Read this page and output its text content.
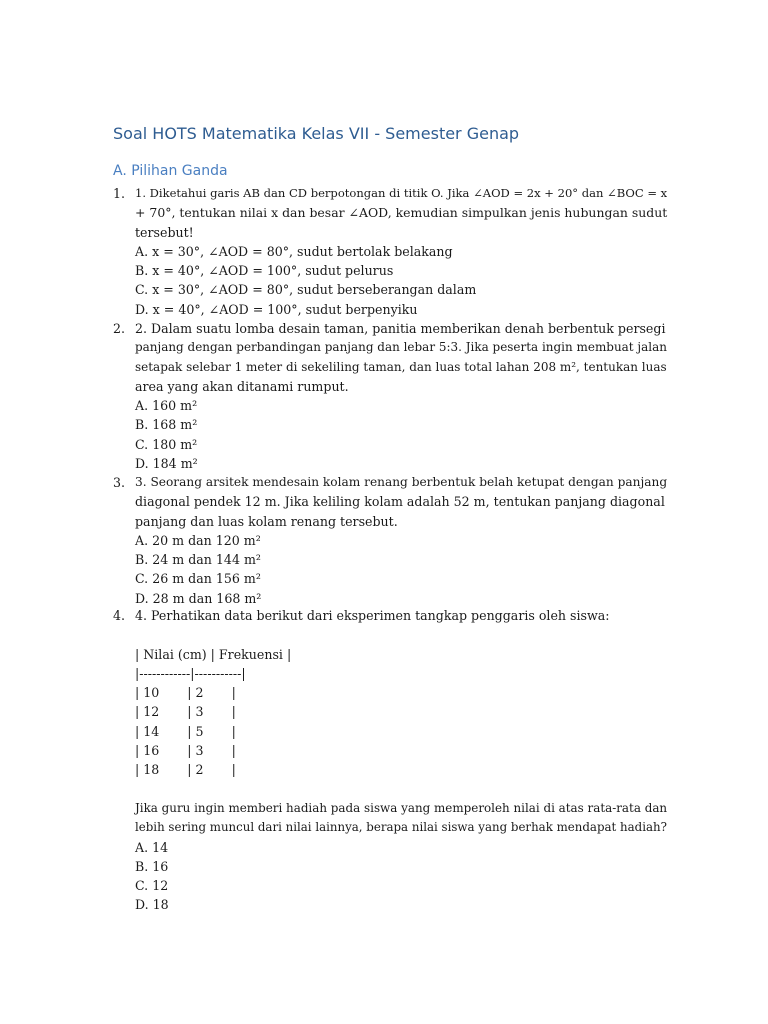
Soal HOTS Matematika Kelas VII - Semester Genap
A. Pilihan Ganda
1. 1. Diketahui garis AB dan CD berpotongan di titik O. Jika ∠AOD = 2x + 20° dan ∠BOC = x
+ 70°, tentukan nilai x dan besar ∠AOD, kemudian simpulkan jenis hubungan sudut
tersebut!
A. x = 30°, ∠AOD = 80°, sudut bertolak belakang
B. x = 40°, ∠AOD = 100°, sudut pelurus
C. x = 30°, ∠AOD = 80°, sudut berseberangan dalam
D. x = 40°, ∠AOD = 100°, sudut berpenyiku
2. 2. Dalam suatu lomba desain taman, panitia memberikan denah berbentuk persegi
panjang dengan perbandingan panjang dan lebar 5:3. Jika peserta ingin membuat jalan
setapak selebar 1 meter di sekeliling taman, dan luas total lahan 208 m², tentukan luas
area yang akan ditanami rumput.
A. 160 m²
B. 168 m²
C. 180 m²
D. 184 m²
3. 3. Seorang arsitek mendesain kolam renang berbentuk belah ketupat dengan panjang
diagonal pendek 12 m. Jika keliling kolam adalah 52 m, tentukan panjang diagonal
panjang dan luas kolam renang tersebut.
A. 20 m dan 120 m²
B. 24 m dan 144 m²
C. 26 m dan 156 m²
D. 28 m dan 168 m²
4. 4. Perhatikan data berikut dari eksperimen tangkap penggaris oleh siswa:
| Nilai (cm) | Frekuensi |
|------------|-----------|
| 10       | 2       |
| 12       | 3       |
| 14       | 5       |
| 16       | 3       |
| 18       | 2       |
Jika guru ingin memberi hadiah pada siswa yang memperoleh nilai di atas rata-rata dan
lebih sering muncul dari nilai lainnya, berapa nilai siswa yang berhak mendapat hadiah?
A. 14
B. 16
C. 12
D. 18
